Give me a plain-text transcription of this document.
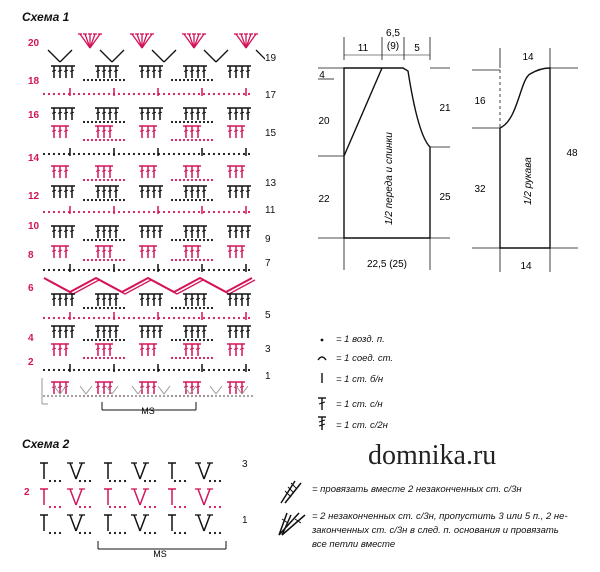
Схема 1
20
18
16
14
12
10
8
6
4
2
19
17
15
13
11
9
7
5
3
1
MS
Схема 2
3
2
1
MS
6,5
(9)
11	5
4
20
22
21
25
22,5 (25)
1/2 переда и спинки
14
16
32
48
14
1/2 рукава
= 1 возд. п.
= 1 соед. ст.
= 1 ст. б/н
= 1 ст. с/н
= 1 ст. с/2н
domnika.ru
= провязать вместе 2 незаконченных ст. с/3н
= 2 незаконченных ст. с/3н, пропустить 3 или 5 п., 2 не-
законченных ст. с/3н в след. п. основания и провязать
все петли вместе
